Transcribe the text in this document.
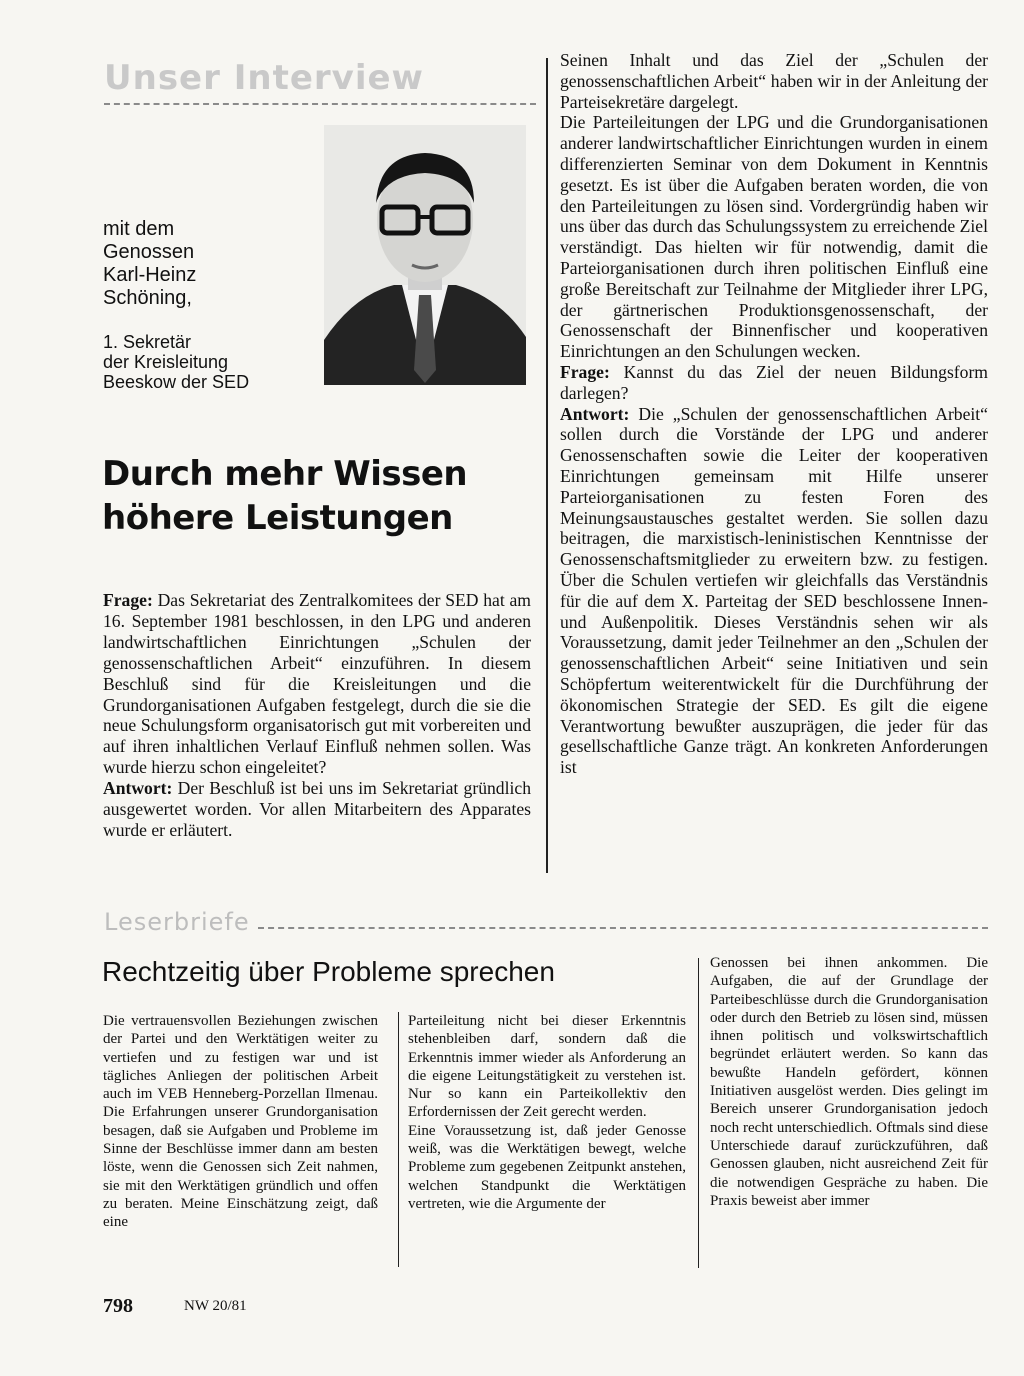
Unser Interview
mit dem
Genossen
Karl-Heinz
Schöning,
1. Sekretär
der Kreisleitung
Beeskow der SED
Durch mehr Wissen
höhere Leistungen

Frage: Das Sekretariat des Zentralkomitees der SED hat am 16. September 1981 beschlossen, in den LPG und anderen landwirtschaftlichen Einrichtungen „Schulen der genossenschaftlichen Arbeit“ einzuführen. In diesem Beschluß sind für die Kreisleitungen und die Grundorganisationen Aufgaben festgelegt, durch die sie die neue Schulungsform organisatorisch gut mit vorbereiten und auf ihren inhaltlichen Verlauf Einfluß nehmen sollen. Was wurde hierzu schon eingeleitet?

Antwort: Der Beschluß ist bei uns im Sekretariat gründlich ausgewertet worden. Vor allen Mitarbeitern des Apparates wurde er erläutert.

Seinen Inhalt und das Ziel der „Schulen der genossenschaftlichen Arbeit“ haben wir in der Anleitung der Parteisekretäre dargelegt.

Die Parteileitungen der LPG und die Grundorganisationen anderer landwirtschaftlicher Einrichtungen wurden in einem differenzierten Seminar von dem Dokument in Kenntnis gesetzt. Es ist über die Aufgaben beraten worden, die von den Parteileitungen zu lösen sind. Vordergründig haben wir uns über das durch das Schulungssystem zu erreichende Ziel verständigt. Das hielten wir für notwendig, damit die Parteiorganisationen durch ihren politischen Einfluß eine große Bereitschaft zur Teilnahme der Mitglieder ihrer LPG, der gärtnerischen Produktionsgenossenschaft, der Genossenschaft der Binnenfischer und kooperativen Einrichtungen an den Schulungen wecken.

Frage: Kannst du das Ziel der neuen Bildungsform darlegen?

Antwort: Die „Schulen der genossenschaftlichen Arbeit“ sollen durch die Vorstände der LPG und anderer Genossenschaften sowie die Leiter der kooperativen Einrichtungen gemeinsam mit Hilfe unserer Parteiorganisationen zu festen Foren des Meinungsaustausches gestaltet werden. Sie sollen dazu beitragen, die marxistisch-leninistischen Kenntnisse der Genossenschaftsmitglieder zu erweitern bzw. zu festigen. Über die Schulen vertiefen wir gleichfalls das Verständnis für die auf dem X. Parteitag der SED beschlossene Innen- und Außenpolitik. Dieses Verständnis sehen wir als Voraussetzung, damit jeder Teilnehmer an den „Schulen der genossenschaftlichen Arbeit“ seine Initiativen und sein Schöpfertum weiterentwickelt für die Durchführung der ökonomischen Strategie der SED. Es gilt die eigene Verantwortung bewußter auszuprägen, die jeder für das gesellschaftliche Ganze trägt. An konkreten Anforderungen ist

Leserbriefe
Rechtzeitig über Probleme sprechen

Die vertrauensvollen Beziehungen zwischen der Partei und den Werktätigen weiter zu vertiefen und zu festigen war und ist tägliches Anliegen der politischen Arbeit auch im VEB Henneberg-Porzellan Ilmenau. Die Erfahrungen unserer Grundorganisation besagen, daß sie Aufgaben und Probleme im Sinne der Beschlüsse immer dann am besten löste, wenn die Genossen sich Zeit nahmen, sie mit den Werktätigen gründlich und offen zu beraten. Meine Einschätzung zeigt, daß eine

Parteileitung nicht bei dieser Erkenntnis stehenbleiben darf, sondern daß die Erkenntnis immer wieder als Anforderung an die eigene Leitungstätigkeit zu verstehen ist. Nur so kann ein Parteikollektiv den Erfordernissen der Zeit gerecht werden.

Eine Voraussetzung ist, daß jeder Genosse weiß, was die Werktätigen bewegt, welche Probleme zum gegebenen Zeitpunkt anstehen, welchen Standpunkt die Werktätigen vertreten, wie die Argumente der

Genossen bei ihnen ankommen. Die Aufgaben, die auf der Grundlage der Parteibeschlüsse durch die Grundorganisation oder durch den Betrieb zu lösen sind, müssen ihnen politisch und volkswirtschaftlich begründet erläutert werden. So kann das bewußte Handeln gefördert, können Initiativen ausgelöst werden. Dies gelingt im Bereich unserer Grundorganisation jedoch noch recht unterschiedlich. Oftmals sind diese Unterschiede darauf zurückzuführen, daß Genossen glauben, nicht ausreichend Zeit für die notwendigen Gespräche zu haben. Die Praxis beweist aber immer

798	NW 20/81
